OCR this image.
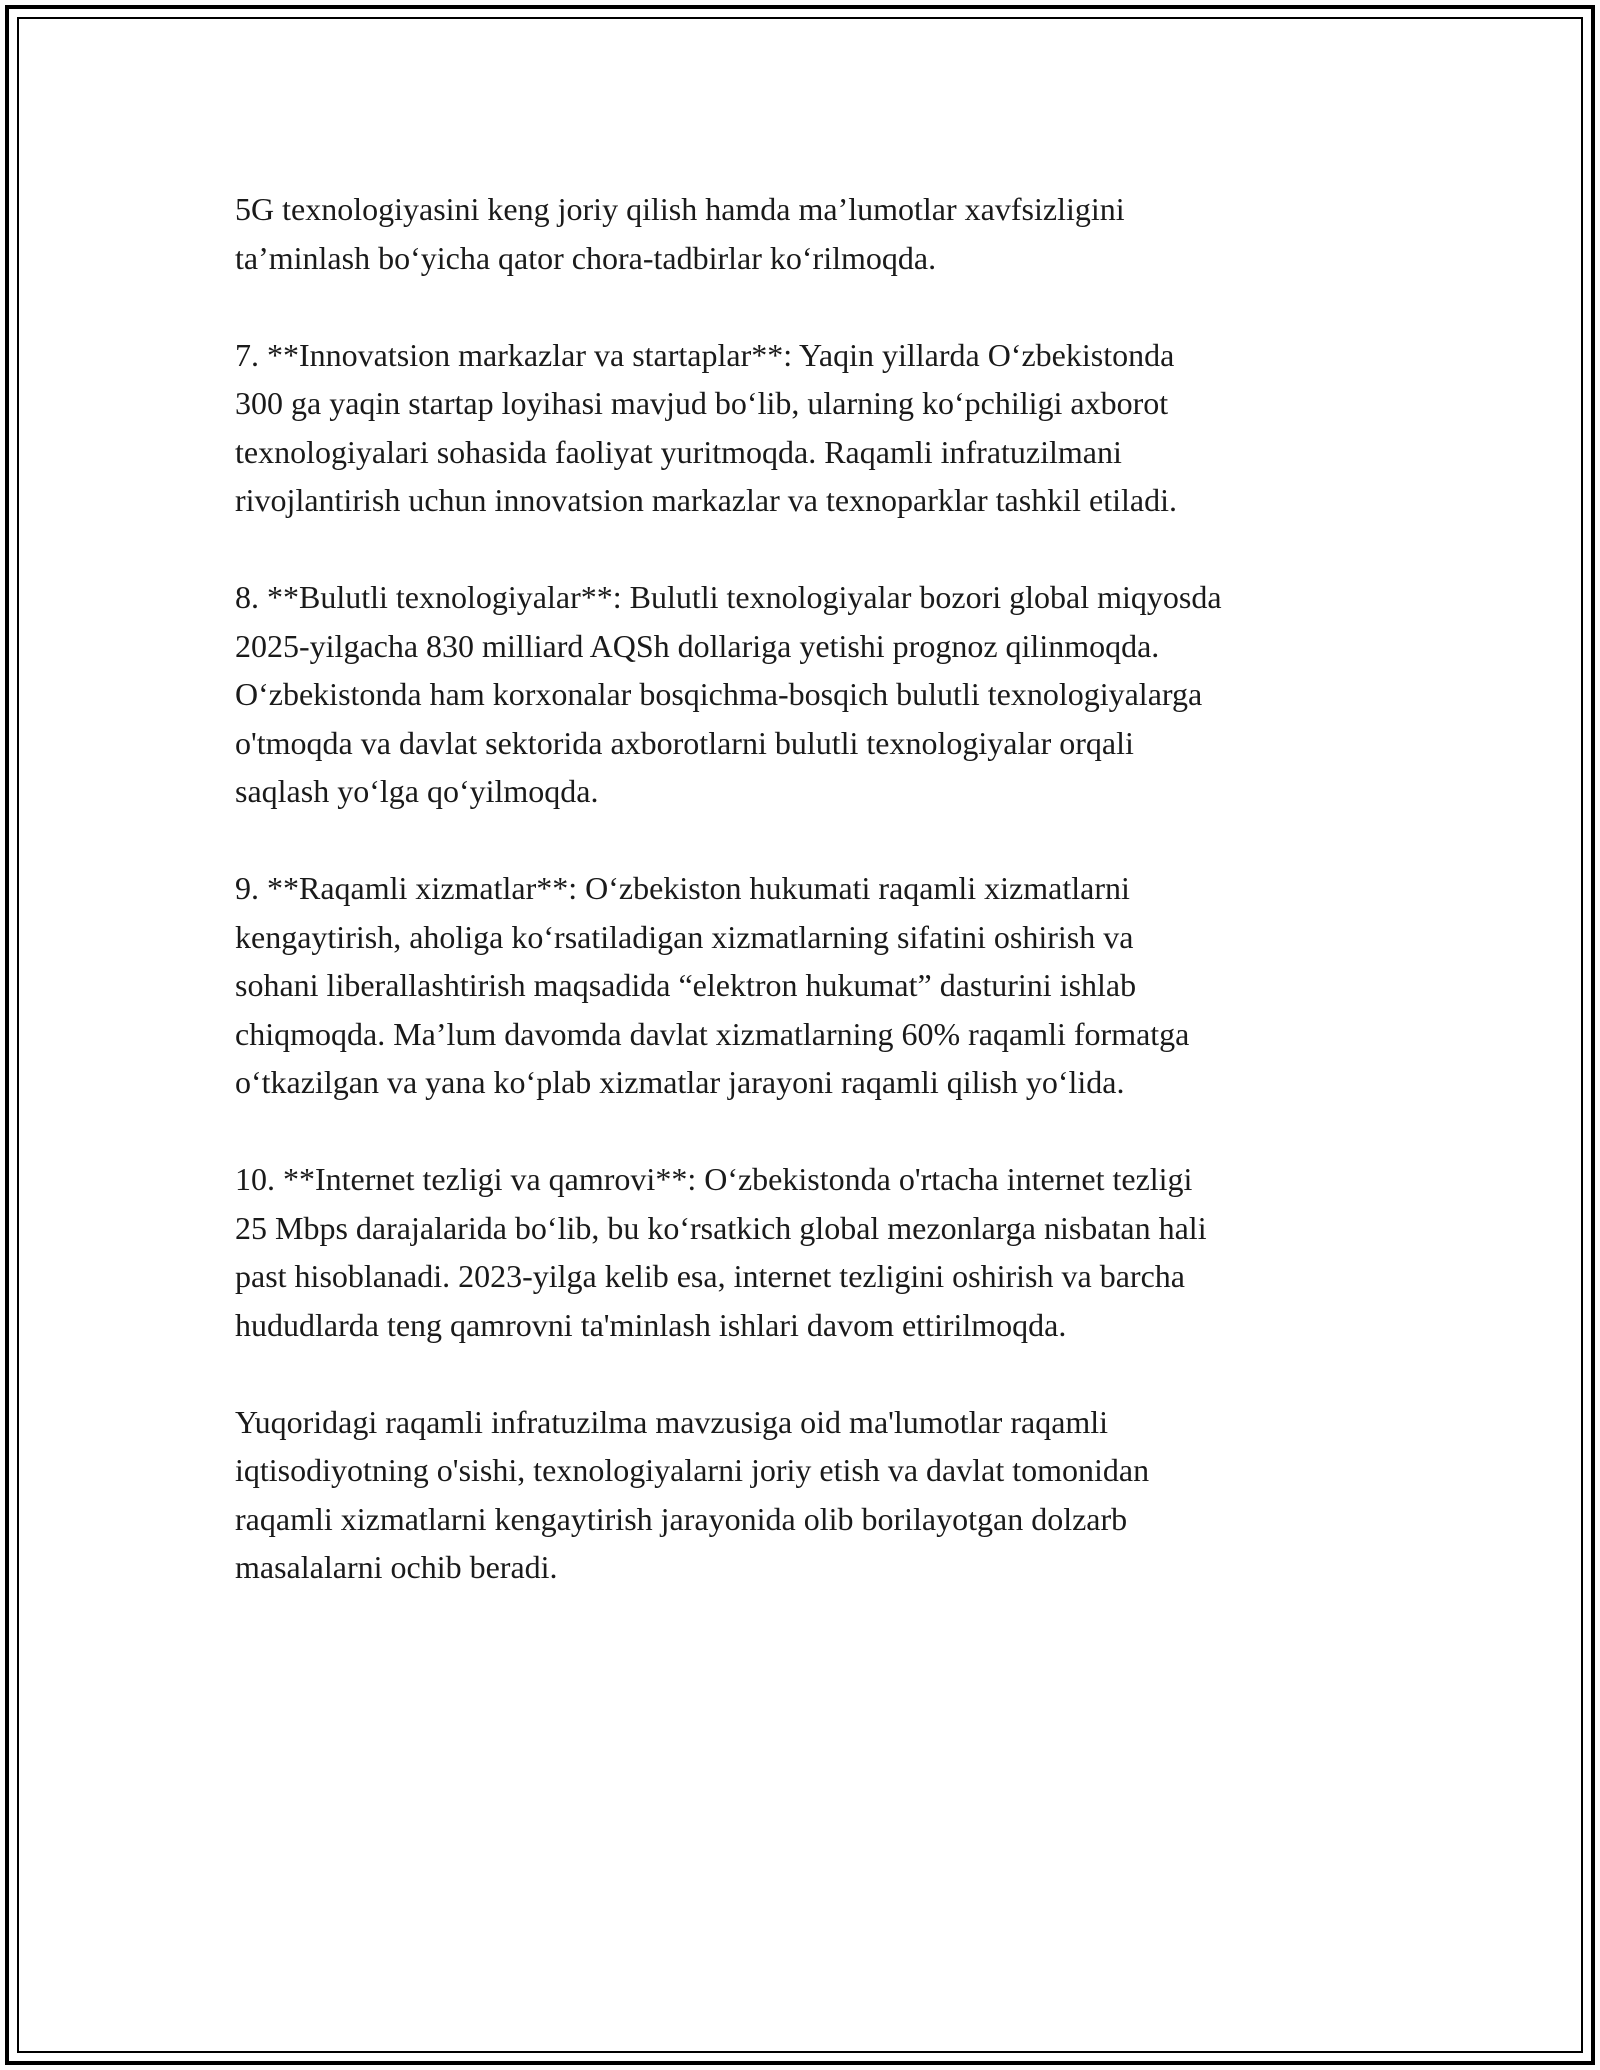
5G texnologiyasini keng joriy qilish hamda ma’lumotlar xavfsizligini
ta’minlash bo‘yicha qator chora-tadbirlar ko‘rilmoqda.

7. **Innovatsion markazlar va startaplar**: Yaqin yillarda O‘zbekistonda
300 ga yaqin startap loyihasi mavjud bo‘lib, ularning ko‘pchiligi axborot
texnologiyalari sohasida faoliyat yuritmoqda. Raqamli infratuzilmani
rivojlantirish uchun innovatsion markazlar va texnoparklar tashkil etiladi.

8. **Bulutli texnologiyalar**: Bulutli texnologiyalar bozori global miqyosda
2025-yilgacha 830 milliard AQSh dollariga yetishi prognoz qilinmoqda.
O‘zbekistonda ham korxonalar bosqichma-bosqich bulutli texnologiyalarga
o'tmoqda va davlat sektorida axborotlarni bulutli texnologiyalar orqali
saqlash yo‘lga qo‘yilmoqda.

9. **Raqamli xizmatlar**: O‘zbekiston hukumati raqamli xizmatlarni
kengaytirish, aholiga ko‘rsatiladigan xizmatlarning sifatini oshirish va
sohani liberallashtirish maqsadida “elektron hukumat” dasturini ishlab
chiqmoqda. Ma’lum davomda davlat xizmatlarning 60% raqamli formatga
o‘tkazilgan va yana ko‘plab xizmatlar jarayoni raqamli qilish yo‘lida.

10. **Internet tezligi va qamrovi**: O‘zbekistonda o'rtacha internet tezligi
25 Mbps darajalarida bo‘lib, bu ko‘rsatkich global mezonlarga nisbatan hali
past hisoblanadi. 2023-yilga kelib esa, internet tezligini oshirish va barcha
hududlarda teng qamrovni ta'minlash ishlari davom ettirilmoqda.

Yuqoridagi raqamli infratuzilma mavzusiga oid ma'lumotlar raqamli
iqtisodiyotning o'sishi, texnologiyalarni joriy etish va davlat tomonidan
raqamli xizmatlarni kengaytirish jarayonida olib borilayotgan dolzarb
masalalarni ochib beradi.
